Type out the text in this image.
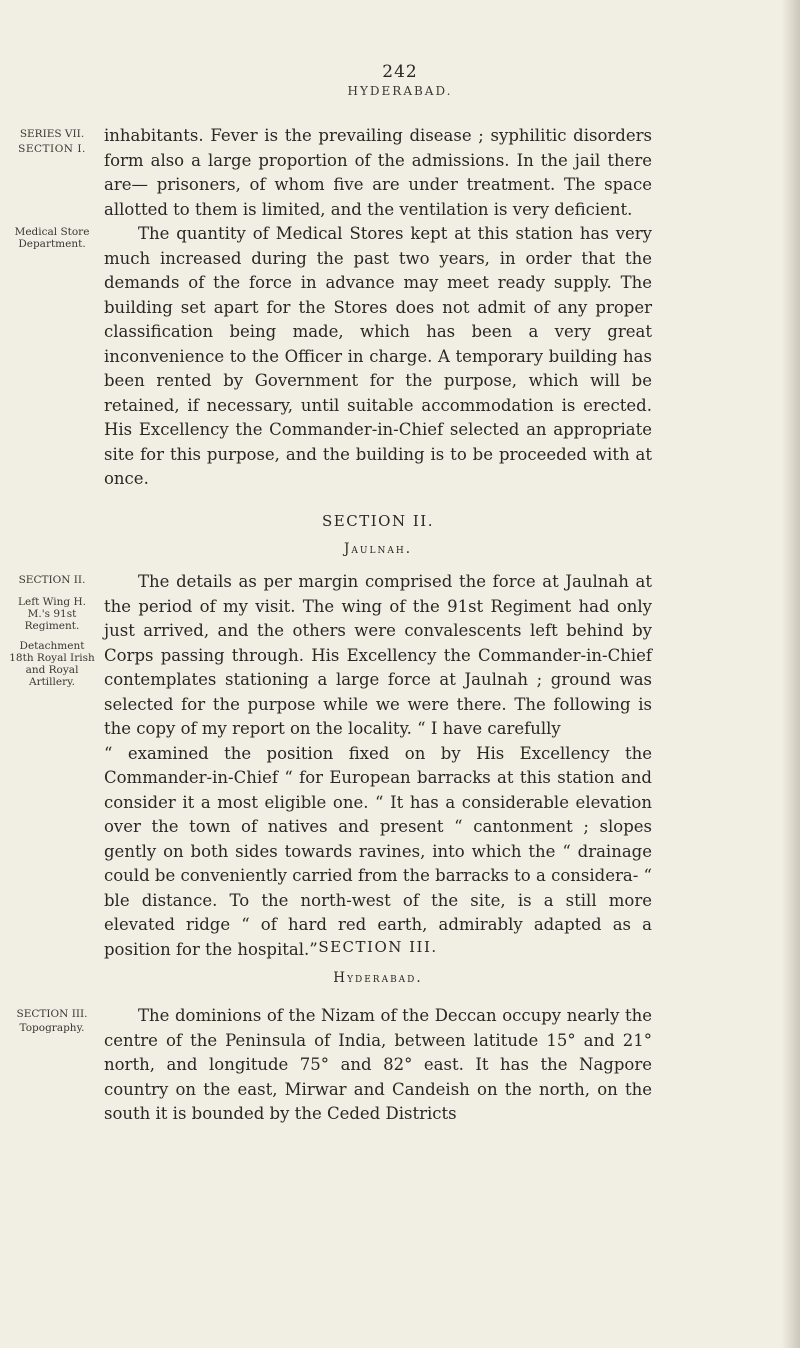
242
HYDERABAD.
SERIES VII.
SECTION I.
Medical Store Department.
SECTION II.
Left Wing H. M.'s 91st Regiment.
Detachment 18th Royal Irish and Royal Artillery.
SECTION III.
Topography.

inhabitants. Fever is the prevailing disease ; syphilitic disorders form also a large proportion of the admissions. In the jail there are— prisoners, of whom five are under treatment. The space allotted to them is limited, and the ventilation is very deficient.

The quantity of Medical Stores kept at this station has very much increased during the past two years, in order that the demands of the force in advance may meet ready supply. The building set apart for the Stores does not admit of any proper classification being made, which has been a very great inconvenience to the Officer in charge. A temporary building has been rented by Government for the purpose, which will be retained, if necessary, until suitable accommodation is erected. His Excellency the Commander-in-Chief selected an appropriate site for this purpose, and the building is to be proceeded with at once.

SECTION II.
Jaulnah.

The details as per margin comprised the force at Jaulnah at the period of my visit. The wing of the 91st Regiment had only just arrived, and the others were convalescents left behind by Corps passing through. His Excellency the Commander-in-Chief contemplates stationing a large force at Jaulnah ; ground was selected for the purpose while we were there. The following is the copy of my report on the locality. “ I have carefully

“ examined the position fixed on by His Excellency the Commander-in-Chief “ for European barracks at this station and consider it a most eligible one. “ It has a considerable elevation over the town of natives and present “ cantonment ; slopes gently on both sides towards ravines, into which the “ drainage could be conveniently carried from the barracks to a considera- “ ble distance. To the north-west of the site, is a still more elevated ridge “ of hard red earth, admirably adapted as a position for the hospital.” SECTION III.
Hyderabad.

The dominions of the Nizam of the Deccan occupy nearly the centre of the Peninsula of India, between latitude 15° and 21° north, and longitude 75° and 82° east. It has the Nagpore country on the east, Mirwar and Candeish on the north, on the south it is bounded by the Ceded Districts
